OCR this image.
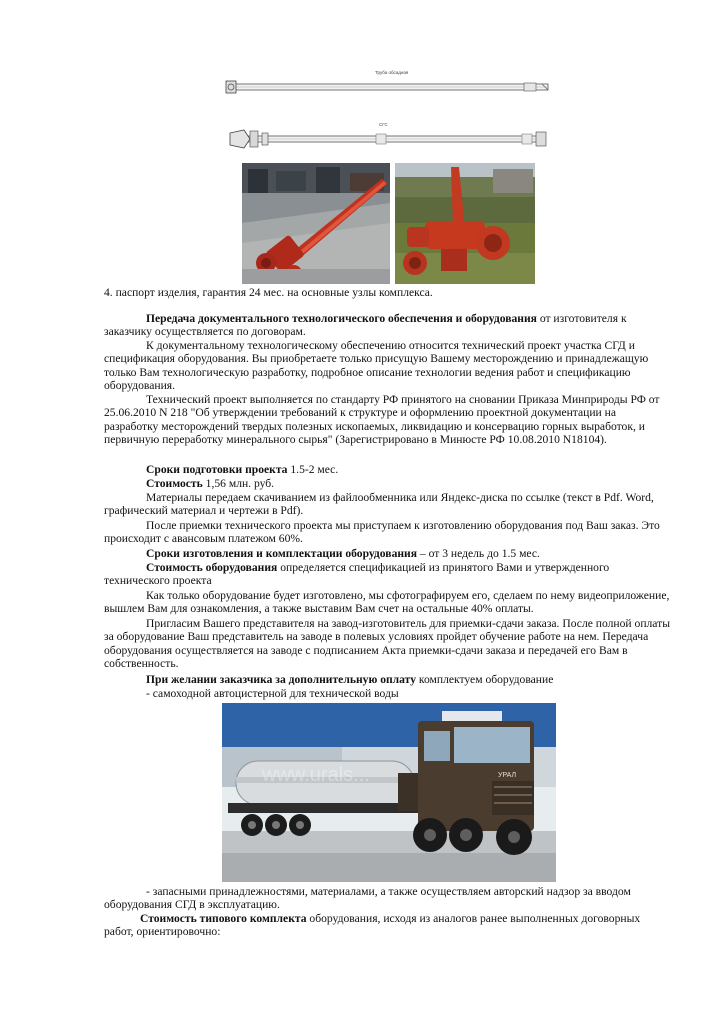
Труба обсадная
СГС

4. паспорт изделия, гарантия 24 мес. на основные узлы комплекса.

Передача документального технологического обеспечения и оборудования от изготовителя к заказчику осуществляется по договорам.

К документальному технологическому обеспечению относится технический проект участка СГД и спецификация оборудования. Вы приобретаете только присущую Вашему месторождению и принадлежащую только Вам технологическую разработку, подробное описание технологии ведения работ и спецификацию оборудования.

Технический проект выполняется по стандарту РФ принятого на сновании Приказа Минприроды РФ от 25.06.2010 N 218 "Об утверждении требований к структуре и оформлению проектной документации на разработку месторождений твердых полезных ископаемых, ликвидацию и консервацию горных выработок, и первичную переработку минерального сырья" (Зарегистрировано в Минюсте РФ 10.08.2010 N18104).

Сроки подготовки проекта 1.5-2 мес.

Стоимость 1,56 млн. руб.

Материалы передаем скачиванием из файлообменника или Яндекс-диска по ссылке (текст в Pdf. Word, графический материал и чертежи в Pdf).

После приемки технического проекта мы приступаем к изготовлению оборудования под Ваш заказ. Это происходит с авансовым платежом 60%.

Сроки изготовления и комплектации оборудования – от 3 недель до 1.5 мес.

Стоимость оборудования определяется спецификацией из принятого Вами и утвержденного технического проекта

Как только оборудование будет изготовлено, мы сфотографируем его, сделаем по нему видеоприложение, вышлем Вам для ознакомления, а также выставим Вам счет на остальные 40% оплаты.

Пригласим Вашего представителя на завод-изготовитель для приемки-сдачи заказа. После полной оплаты за оборудование Ваш представитель на заводе в полевых условиях пройдет обучение работе на нем. Передача оборудования осуществляется на заводе с подписанием Акта приемки-сдачи заказа и передачей его Вам в собственность.

При желании заказчика за дополнительную оплату комплектуем оборудование

- самоходной автоцистерной для технической воды

УРАЛ
www.urals...

- запасными принадлежностями, материалами, а также осуществляем авторский надзор за вводом оборудования СГД в эксплуатацию.

Стоимость типового комплекта оборудования, исходя из аналогов ранее выполненных договорных работ, ориентировочно:
